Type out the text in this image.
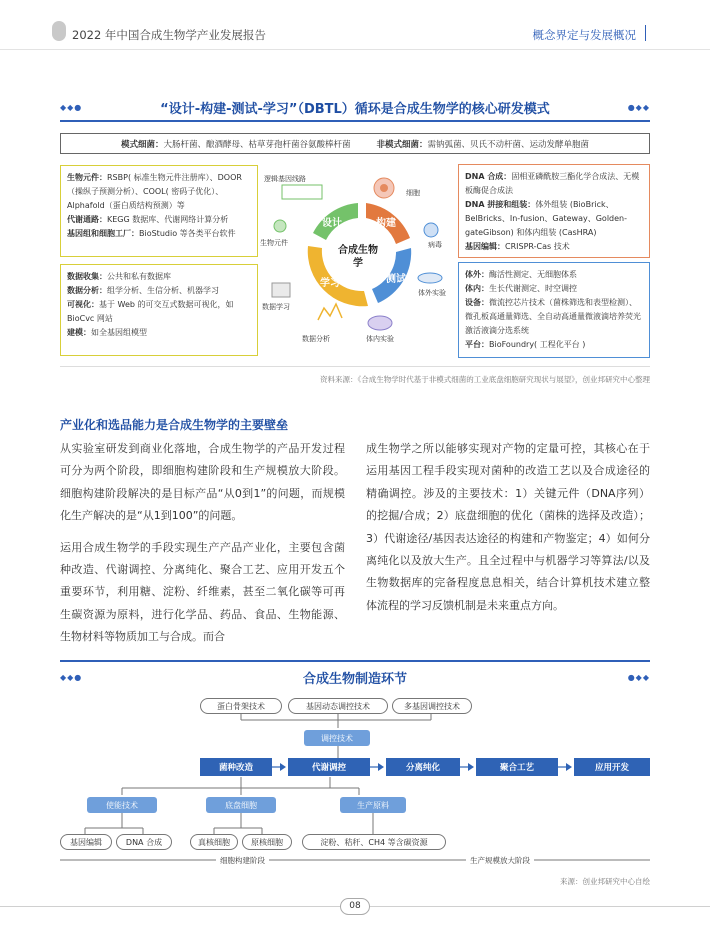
2022 年中国合成生物学产业发展报告	概念界定与发展概况
◆◆●	“设计-构建-测试-学习”（DBTL）循环是合成生物学的核心研发模式	●◆◆
模式细菌：大肠杆菌、酿酒酵母、枯草芽孢杆菌谷氨酸棒杆菌	非模式细菌：需钠弧菌、贝氏不动杆菌、运动发酵单胞菌

生物元件：RSBP( 标准生物元件注册库）、DOOR（操纵子预测分析）、COOL( 密码子优化）、Alphafold（蛋白质结构预测）等

代谢通路：KEGG 数据库、代谢网络计算分析

基因组和细胞工厂：BioStudio 等各类平台软件

数据收集：公共和私有数据库

数据分析：组学分析、生信分析、机器学习

可视化：基于 Web 的可交互式数据可视化，如 BioCvc 网站

建模：如全基因组模型

DNA 合成：固相亚磷酰胺三酯化学合成法、无模板酶促合成法

DNA 拼接和组装：体外组装 (BioBrick、BelBricks、In-fusion、Gateway、Golden-gateGibson) 和体内组装 (CasHRA)

基因编辑：CRISPR-Cas 技术

体外：酶活性测定、无细胞体系

体内：生长代谢测定、时空调控

设备：微流控芯片技术（菌株筛选和表型检测）、微孔板高通量筛选、全自动高通量微液滴培养荧光激活液滴分选系统

平台：BioFoundry( 工程化平台 )

设计	构建
测试
学习
合成生物学
逻辑基因线路
生物元件
细胞
病毒
体外实验
体内实验
数据分析
数据学习
资料来源：《合成生物学时代基于非模式细菌的工业底盘细胞研究现状与展望》，创业邦研究中心整理
产业化和选品能力是合成生物学的主要壁垒

从实验室研发到商业化落地，合成生物学的产品开发过程可分为两个阶段，即细胞构建阶段和生产规模放大阶段。细胞构建阶段解决的是目标产品“从0到1”的问题，而规模化生产解决的是“从1到100”的问题。

运用合成生物学的手段实现生产产品产业化，主要包含菌种改造、代谢调控、分离纯化、聚合工艺、应用开发五个重要环节，利用糖、淀粉、纤维素，甚至二氧化碳等可再生碳资源为原料，进行化学品、药品、食品、生物能源、生物材料等物质加工与合成。而合

成生物学之所以能够实现对产物的定量可控，其核心在于运用基因工程手段实现对菌种的改造工艺以及合成途径的精确调控。涉及的主要技术：1）关键元件（DNA序列）的挖掘/合成；2）底盘细胞的优化（菌株的选择及改造）；3）代谢途径/基因表达途径的构建和产物鉴定；4）如何分离纯化以及放大生产。且全过程中与机器学习等算法/以及生物数据库的完备程度息息相关，结合计算机技术建立整体流程的学习反馈机制是未来重点方向。

◆◆●	合成生物制造环节	●◆◆
蛋白骨架技术	基因动态调控技术	多基因调控技术
调控技术
菌种改造	代谢调控	分离纯化	聚合工艺	应用开发
使能技术	底盘细胞	生产原料
基因编辑	DNA 合成	真核细胞	原核细胞	淀粉、秸秆、CH4 等含碳资源
细胞构建阶段	生产规模放大阶段
来源：创业邦研究中心自绘
08
